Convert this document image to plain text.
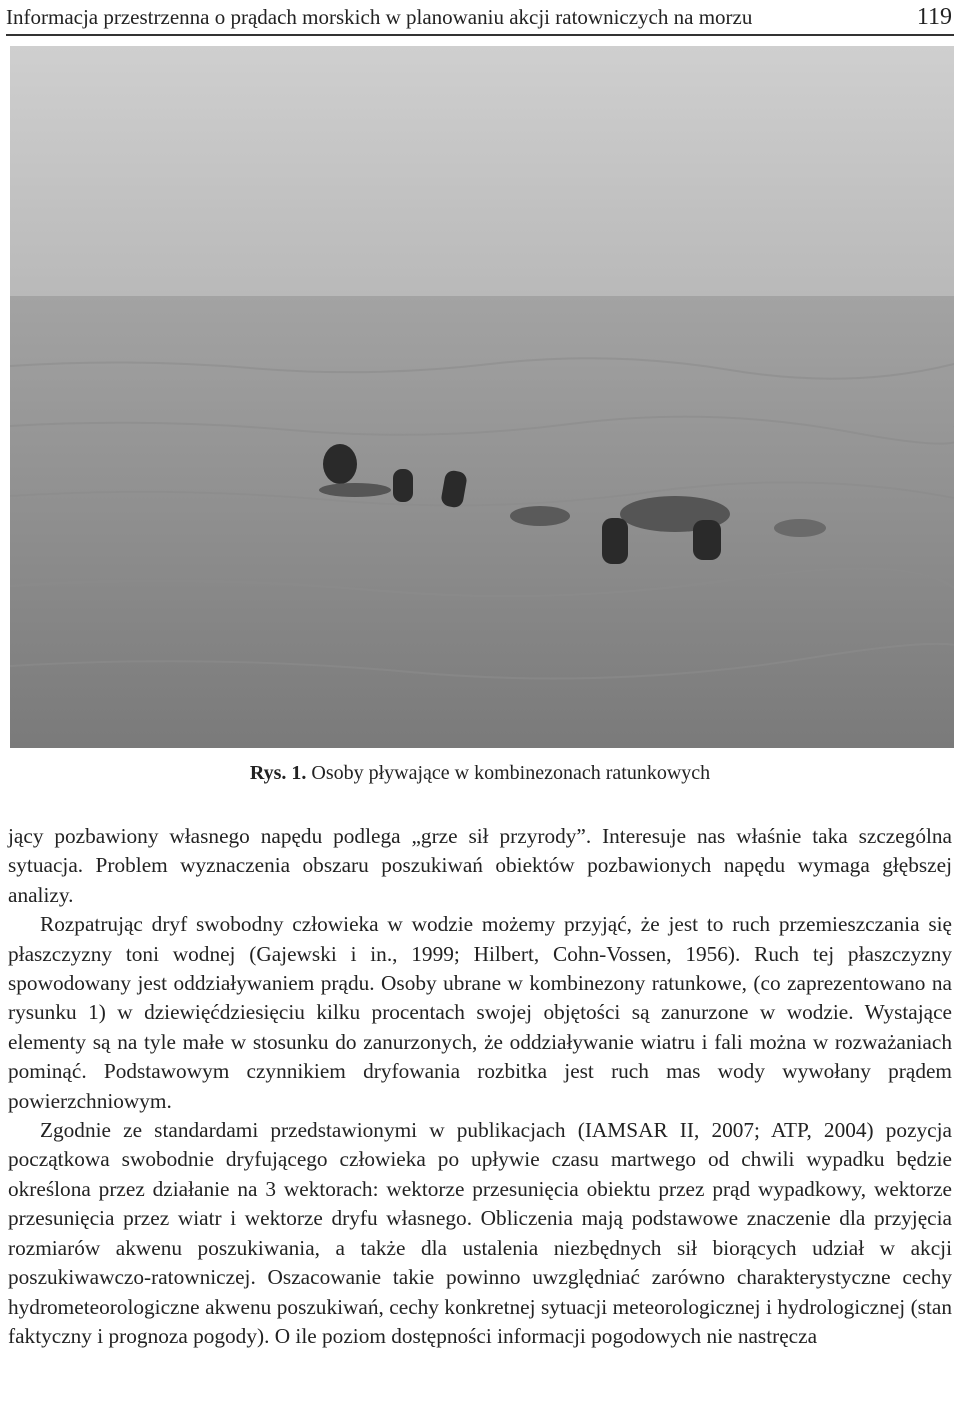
Informacja przestrzenna o prądach morskich w planowaniu akcji ratowniczych na morzu	119
Rys. 1. Osoby pływające w kombinezonach ratunkowych

jący pozbawiony własnego napędu podlega „grze sił przyrody”. Interesuje nas właśnie taka szczególna sytuacja. Problem wyznaczenia obszaru poszukiwań obiektów pozbawionych napędu wymaga głębszej analizy.

Rozpatrując dryf swobodny człowieka w wodzie możemy przyjąć, że jest to ruch przemieszczania się płaszczyzny toni wodnej (Gajewski i in., 1999; Hilbert, Cohn-Vossen, 1956). Ruch tej płaszczyzny spowodowany jest oddziaływaniem prądu. Osoby ubrane w kombinezony ratunkowe, (co zaprezentowano na rysunku 1) w dziewięćdziesięciu kilku procentach swojej objętości są zanurzone w wodzie. Wystające elementy są na tyle małe w stosunku do zanurzonych, że oddziaływanie wiatru i fali można w rozważaniach pominąć. Podstawowym czynnikiem dryfowania rozbitka jest ruch mas wody wywołany prądem powierzchniowym.

Zgodnie ze standardami przedstawionymi w publikacjach (IAMSAR II, 2007; ATP, 2004) pozycja początkowa swobodnie dryfującego człowieka po upływie czasu martwego od chwili wypadku będzie określona przez działanie na 3 wektorach: wektorze przesunięcia obiektu przez prąd wypadkowy, wektorze przesunięcia przez wiatr i wektorze dryfu własnego. Obliczenia mają podstawowe znaczenie dla przyjęcia rozmiarów akwenu poszukiwania, a także dla ustalenia niezbędnych sił biorących udział w akcji poszukiwawczo-ratowniczej. Oszacowanie takie powinno uwzględniać zarówno charakterystyczne cechy hydrometeorologiczne akwenu poszukiwań, cechy konkretnej sytuacji meteorologicznej i hydrologicznej (stan faktyczny i prognoza pogody). O ile poziom dostępności informacji pogodowych nie nastręcza
